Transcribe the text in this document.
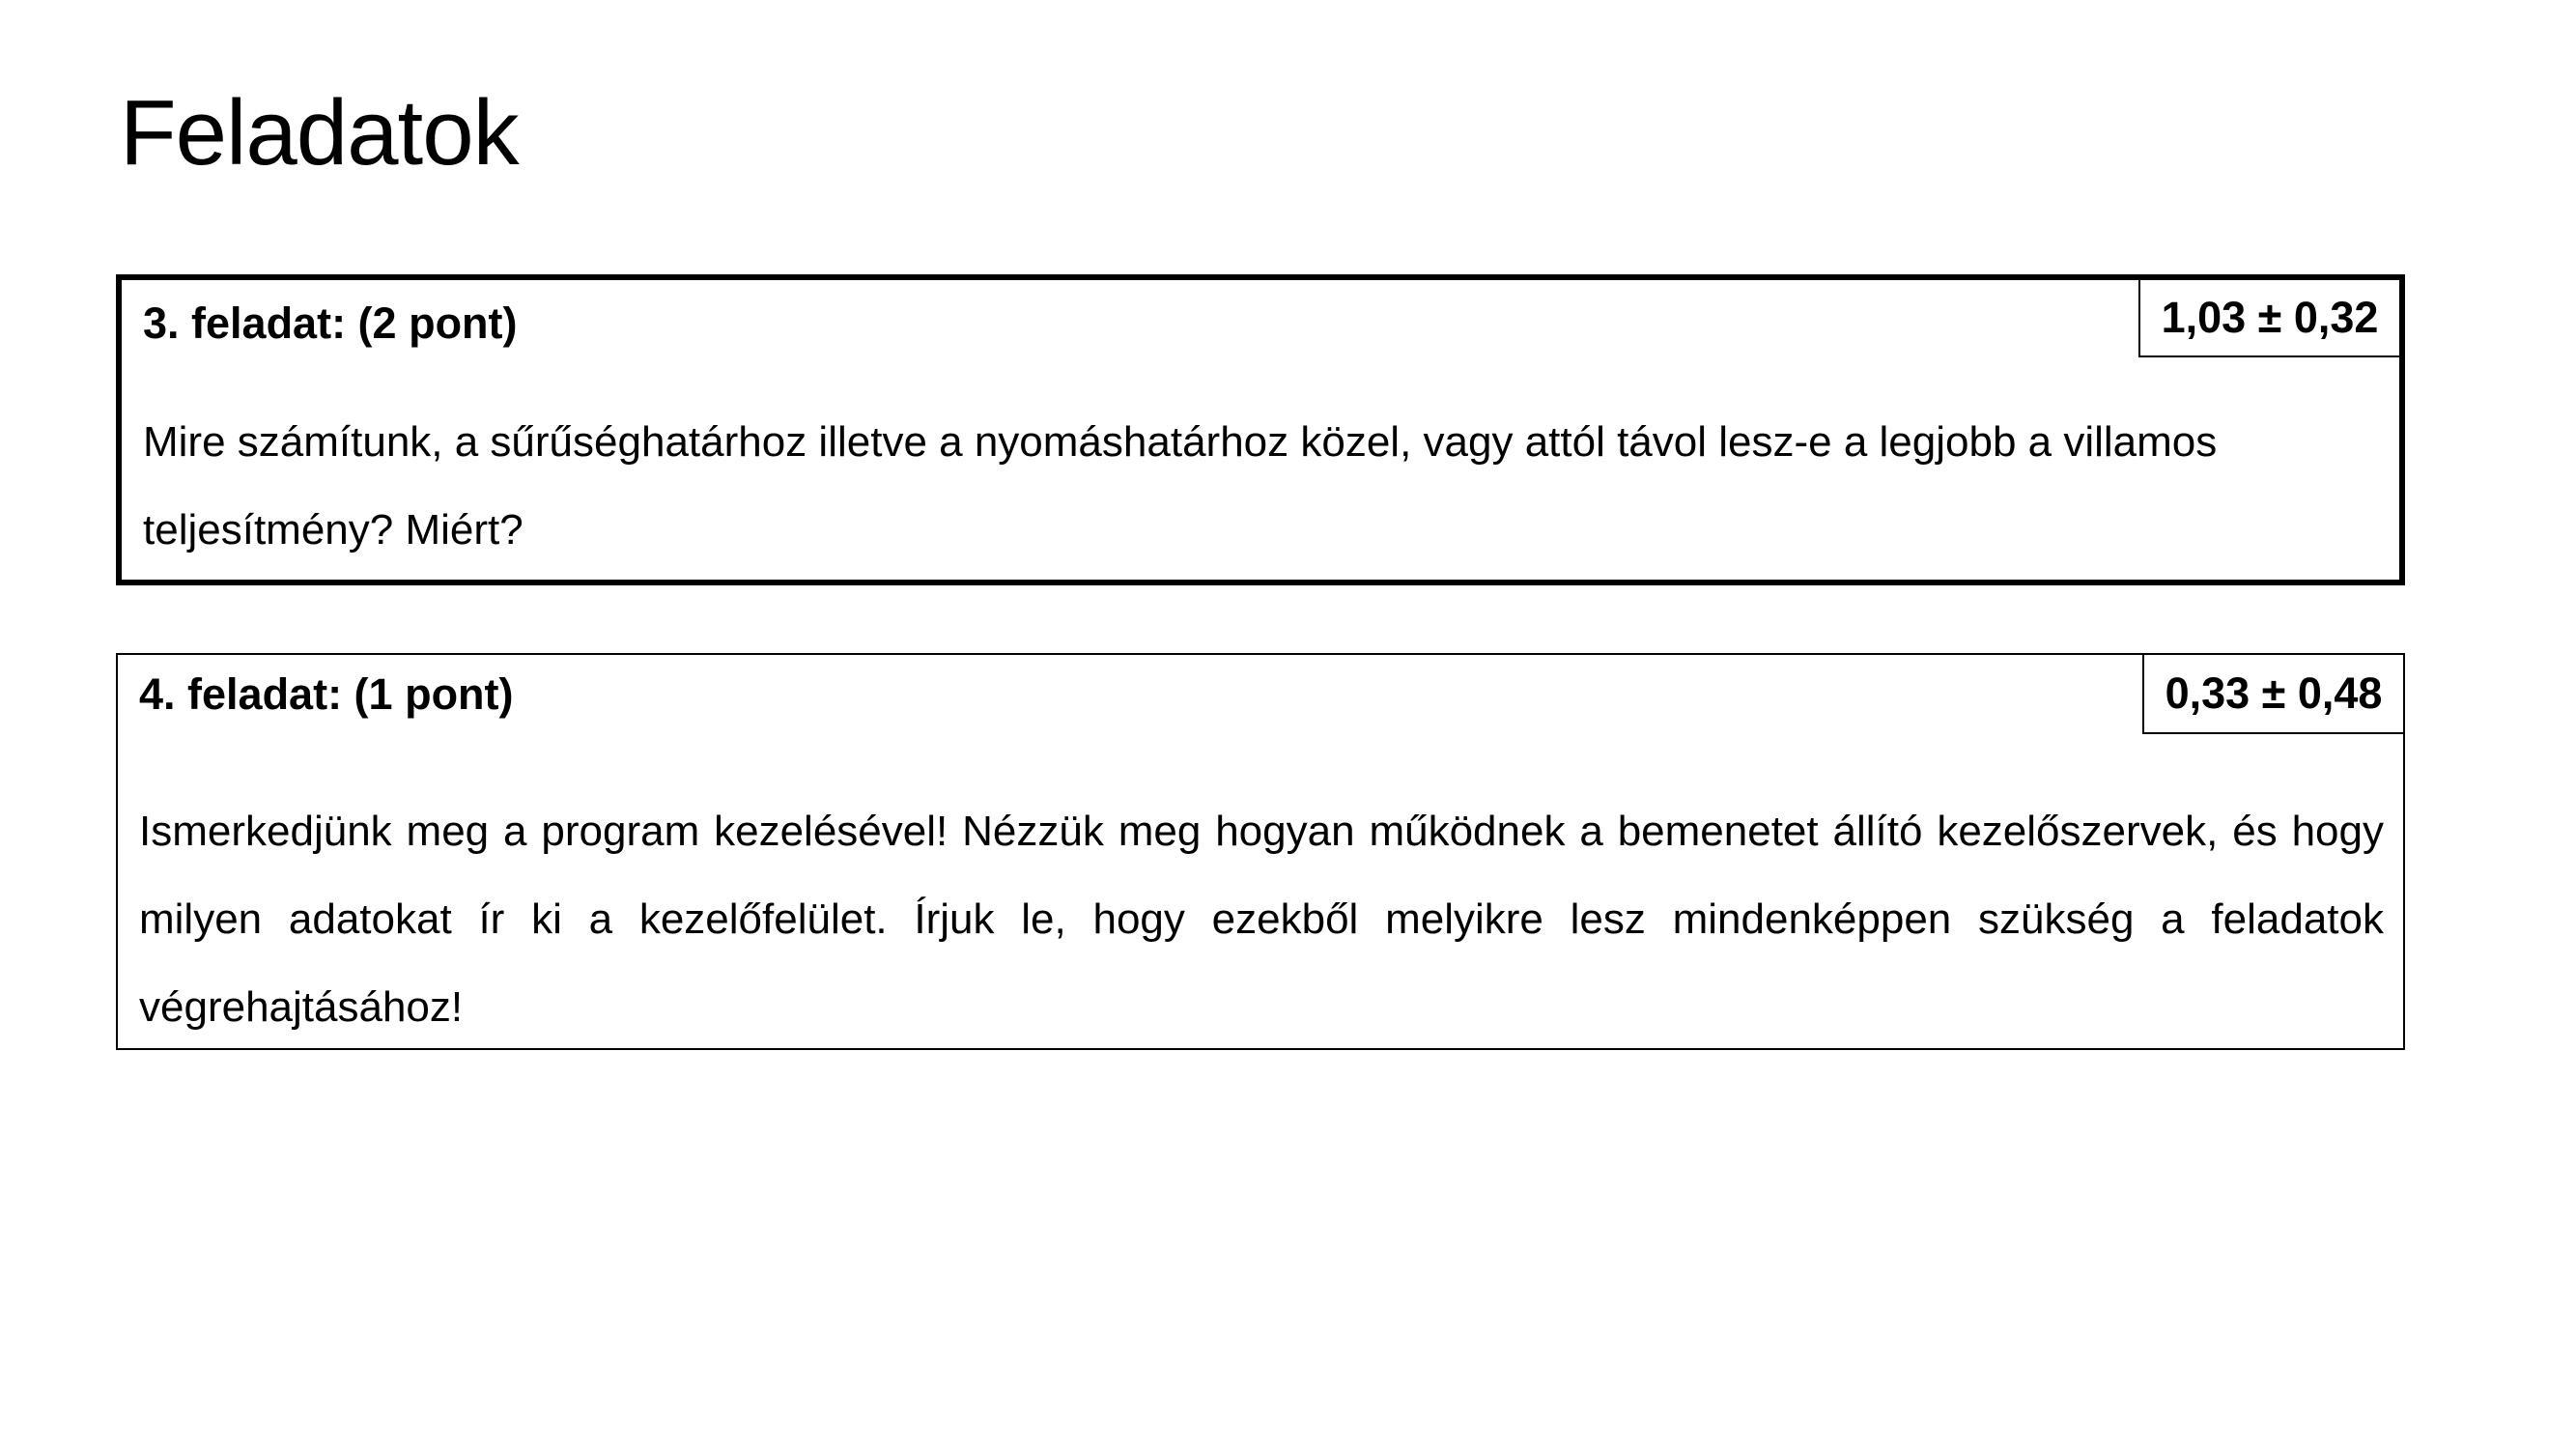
Feladatok
3. feladat: (2 pont)	1,03 ± 0,32

Mire számítunk, a sűrűséghatárhoz illetve a nyomáshatárhoz közel, vagy attól távol lesz-e a legjobb a villamos teljesítmény? Miért?

4. feladat: (1 pont)	0,33 ± 0,48

Ismerkedjünk meg a program kezelésével! Nézzük meg hogyan működnek a bemenetet állító kezelőszervek, és hogy milyen adatokat ír ki a kezelőfelület. Írjuk le, hogy ezekből melyikre lesz mindenképpen szükség a feladatok végrehajtásához!
